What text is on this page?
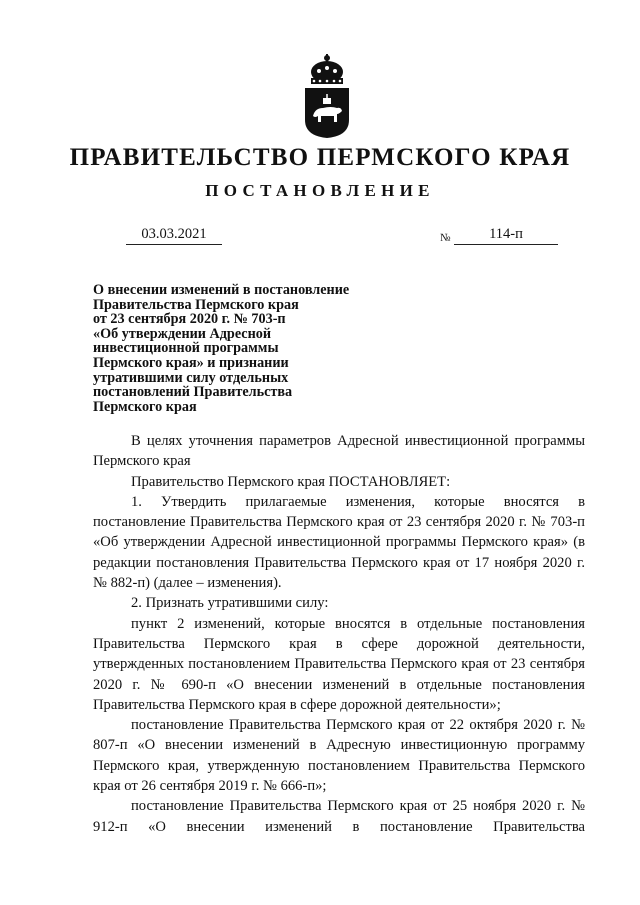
ПРАВИТЕЛЬСТВО ПЕРМСКОГО КРАЯ
ПОСТАНОВЛЕНИЕ
03.03.2021	№	114-п
О внесении изменений в постановление
Правительства Пермского края
от 23 сентября 2020 г. № 703-п
«Об утверждении Адресной
инвестиционной программы
Пермского края» и признании
утратившими силу отдельных
постановлений Правительства
Пермского края

В целях уточнения параметров Адресной инвестиционной программы Пермского края

Правительство Пермского края ПОСТАНОВЛЯЕТ:

1. Утвердить прилагаемые изменения, которые вносятся в постановление Правительства Пермского края от 23 сентября 2020 г. № 703-п «Об утверждении Адресной инвестиционной программы Пермского края» (в редакции постановления Правительства Пермского края от 17 ноября 2020 г. № 882-п) (далее – изменения).

2. Признать утратившими силу:

пункт 2 изменений, которые вносятся в отдельные постановления Правительства Пермского края в сфере дорожной деятельности, утвержденных постановлением Правительства Пермского края от 23 сентября 2020 г. № 690-п «О внесении изменений в отдельные постановления Правительства Пермского края в сфере дорожной деятельности»;

постановление Правительства Пермского края от 22 октября 2020 г. № 807-п «О внесении изменений в Адресную инвестиционную программу Пермского края, утвержденную постановлением Правительства Пермского края от 26 сентября 2019 г. № 666-п»;

постановление Правительства Пермского края от 25 ноября 2020 г. № 912-п «О внесении изменений в постановление Правительства
